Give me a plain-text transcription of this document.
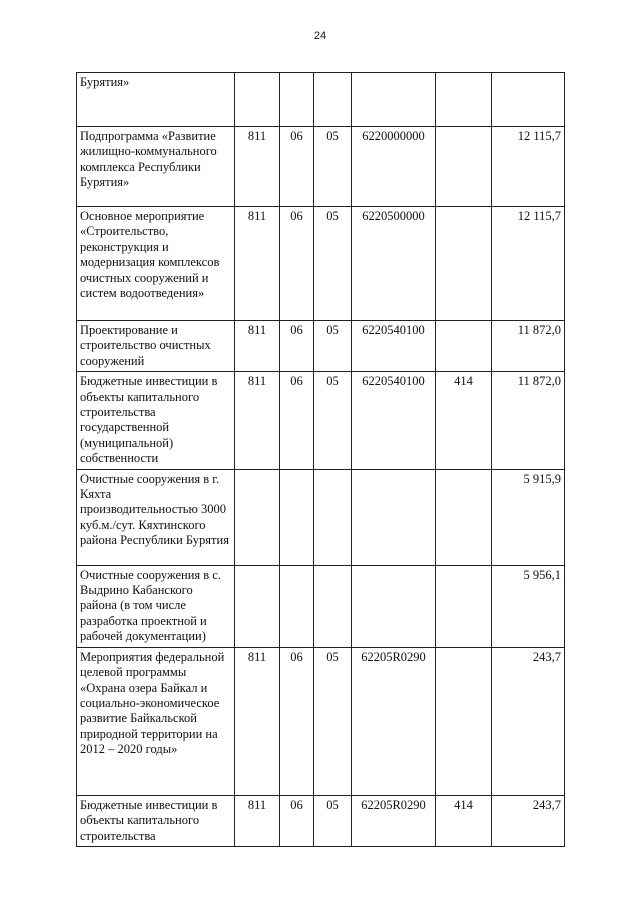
24
Бурятия»						
Подпрограмма «Развитие жилищно-коммунального комплекса Республики Бурятия»	811	06	05	6220000000		12 115,7
Основное мероприятие «Строительство, реконструкция и модернизация комплексов очистных сооружений и систем водоотведения»	811	06	05	6220500000		12 115,7
Проектирование и строительство очистных сооружений	811	06	05	6220540100		11 872,0
Бюджетные инвестиции в объекты капитального строительства государственной (муниципальной) собственности	811	06	05	6220540100	414	11 872,0
Очистные сооружения в г. Кяхта производительностью 3000 куб.м./сут. Кяхтинского района Республики Бурятия						5 915,9
Очистные сооружения в с. Выдрино Кабанского района (в том числе разработка проектной и рабочей документации)						5 956,1
Мероприятия федеральной целевой программы «Охрана озера Байкал и социально-экономическое развитие Байкальской природной территории на 2012 – 2020 годы»	811	06	05	62205R0290		243,7
Бюджетные инвестиции в объекты капитального строительства	811	06	05	62205R0290	414	243,7
